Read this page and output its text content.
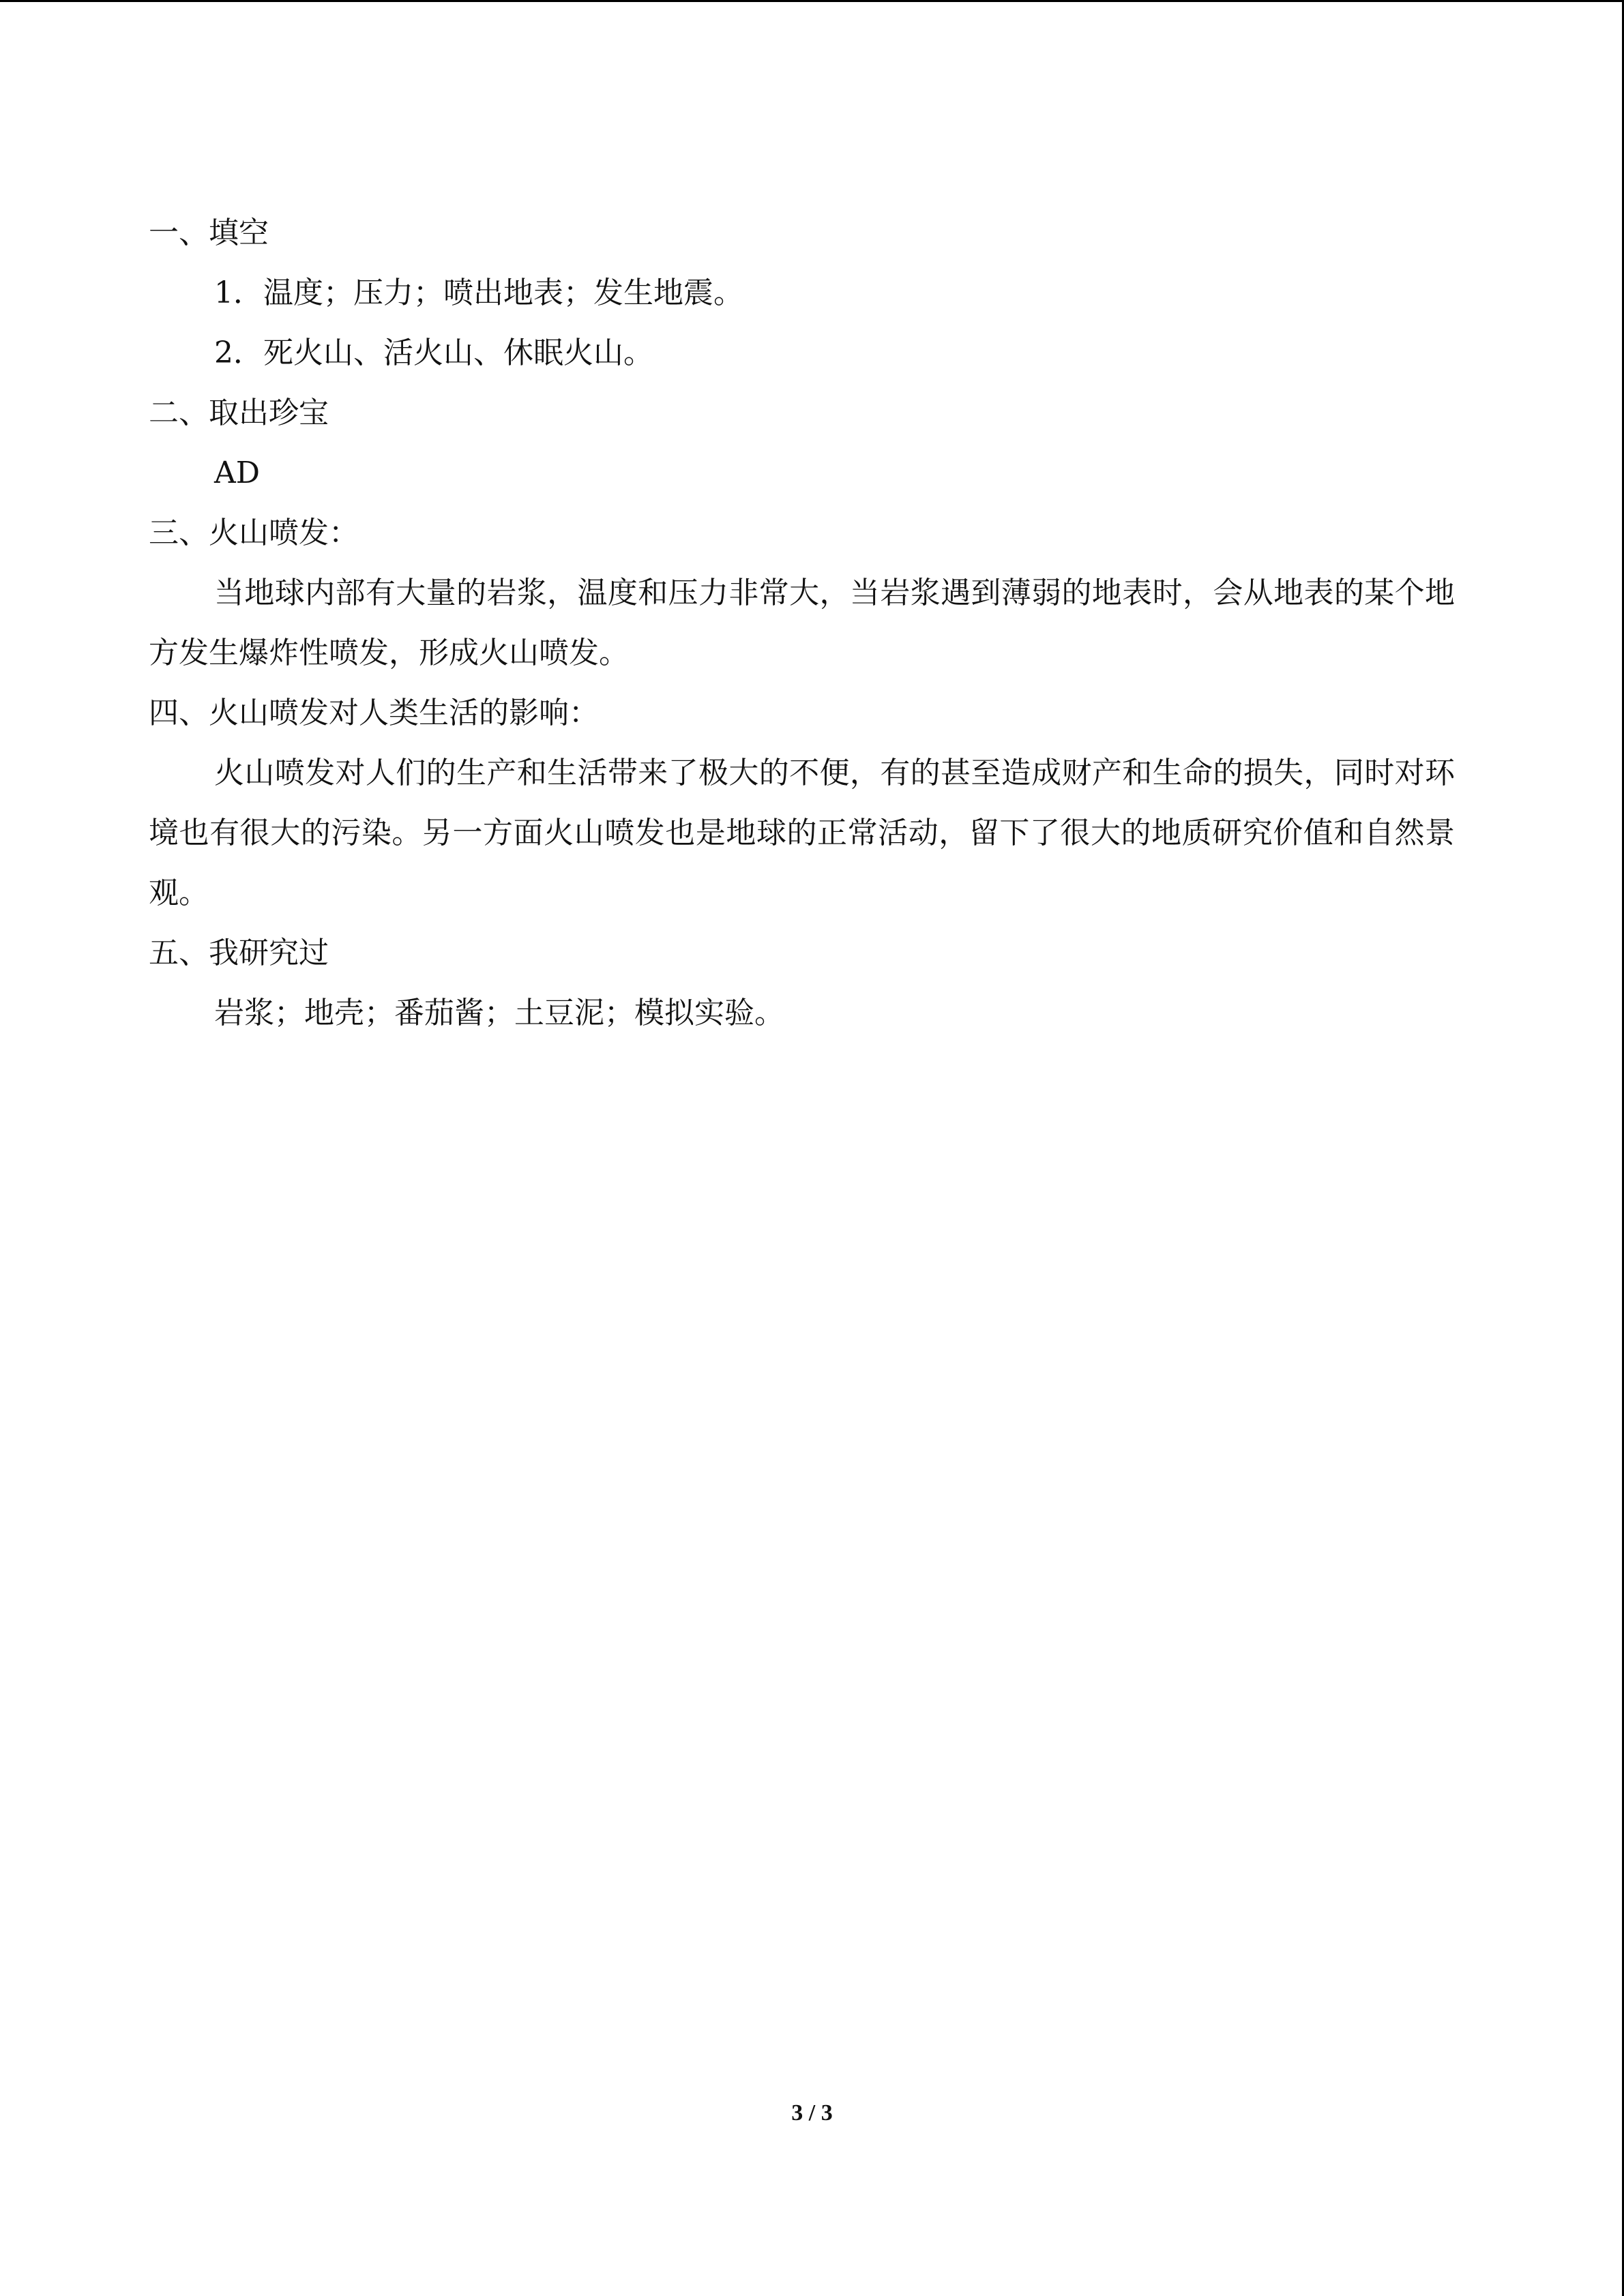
一、填空

1．温度；压力；喷出地表；发生地震。

2．死火山、活火山、休眠火山。

二、取出珍宝

AD

三、火山喷发：

当地球内部有大量的岩浆，温度和压力非常大，当岩浆遇到薄弱的地表时，会从地表的某个地方发生爆炸性喷发，形成火山喷发。

四、火山喷发对人类生活的影响：

火山喷发对人们的生产和生活带来了极大的不便，有的甚至造成财产和生命的损失，同时对环境也有很大的污染。另一方面火山喷发也是地球的正常活动，留下了很大的地质研究价值和自然景观。

五、我研究过

岩浆；地壳；番茄酱；土豆泥；模拟实验。

3 / 3
